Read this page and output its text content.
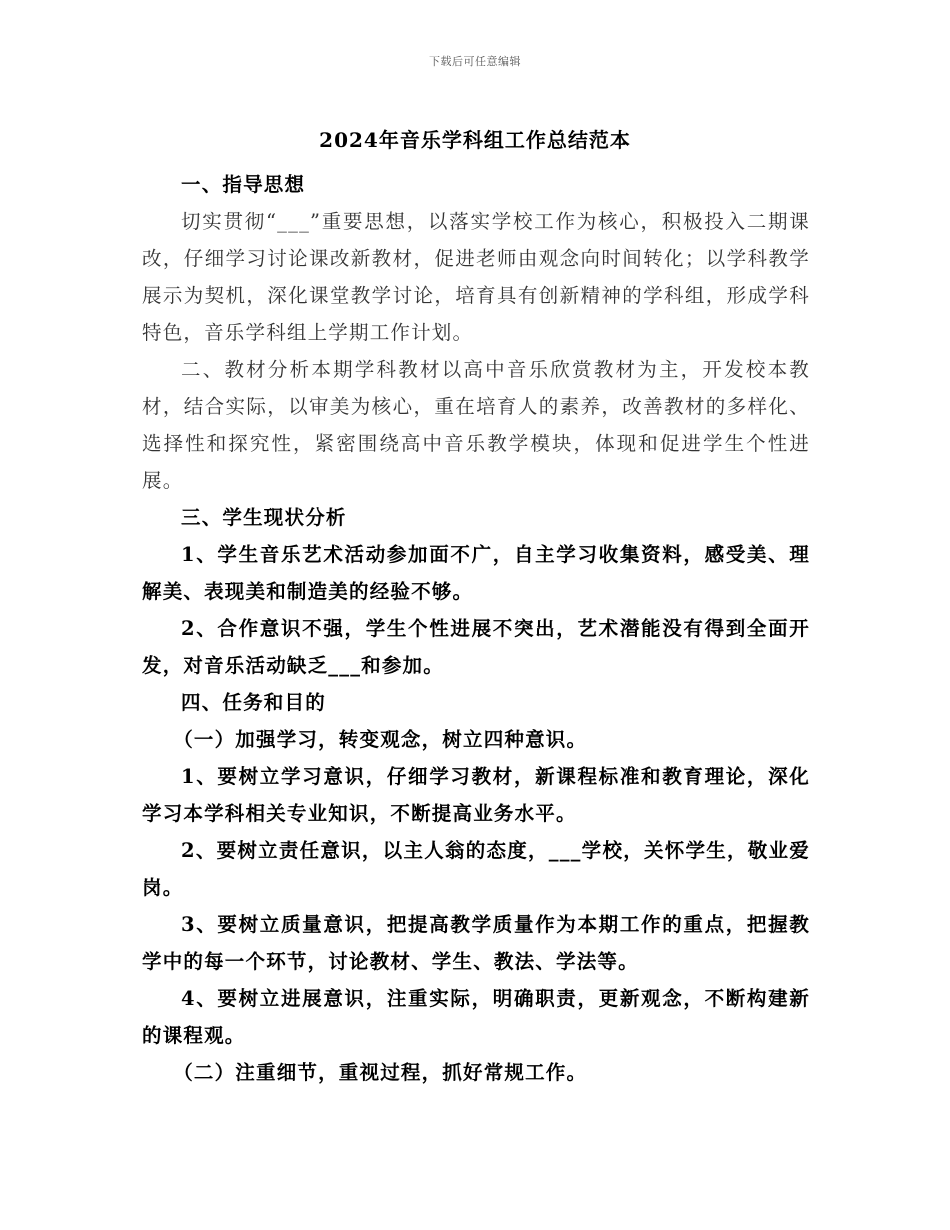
下载后可任意编辑
2024年音乐学科组工作总结范本

一、指导思想

切实贯彻“___”重要思想，以落实学校工作为核心，积极投入二期课改，仔细学习讨论课改新教材，促进老师由观念向时间转化；以学科教学展示为契机，深化课堂教学讨论，培育具有创新精神的学科组，形成学科特色，音乐学科组上学期工作计划。

二、教材分析本期学科教材以高中音乐欣赏教材为主，开发校本教材，结合实际，以审美为核心，重在培育人的素养，改善教材的多样化、选择性和探究性，紧密围绕高中音乐教学模块，体现和促进学生个性进展。

三、学生现状分析

1、学生音乐艺术活动参加面不广，自主学习收集资料，感受美、理解美、表现美和制造美的经验不够。

2、合作意识不强，学生个性进展不突出，艺术潜能没有得到全面开发，对音乐活动缺乏___和参加。

四、任务和目的

（一）加强学习，转变观念，树立四种意识。

1、要树立学习意识，仔细学习教材，新课程标准和教育理论，深化学习本学科相关专业知识，不断提高业务水平。

2、要树立责任意识，以主人翁的态度，___学校，关怀学生，敬业爱岗。

3、要树立质量意识，把提高教学质量作为本期工作的重点，把握教学中的每一个环节，讨论教材、学生、教法、学法等。

4、要树立进展意识，注重实际，明确职责，更新观念，不断构建新的课程观。

（二）注重细节，重视过程，抓好常规工作。
